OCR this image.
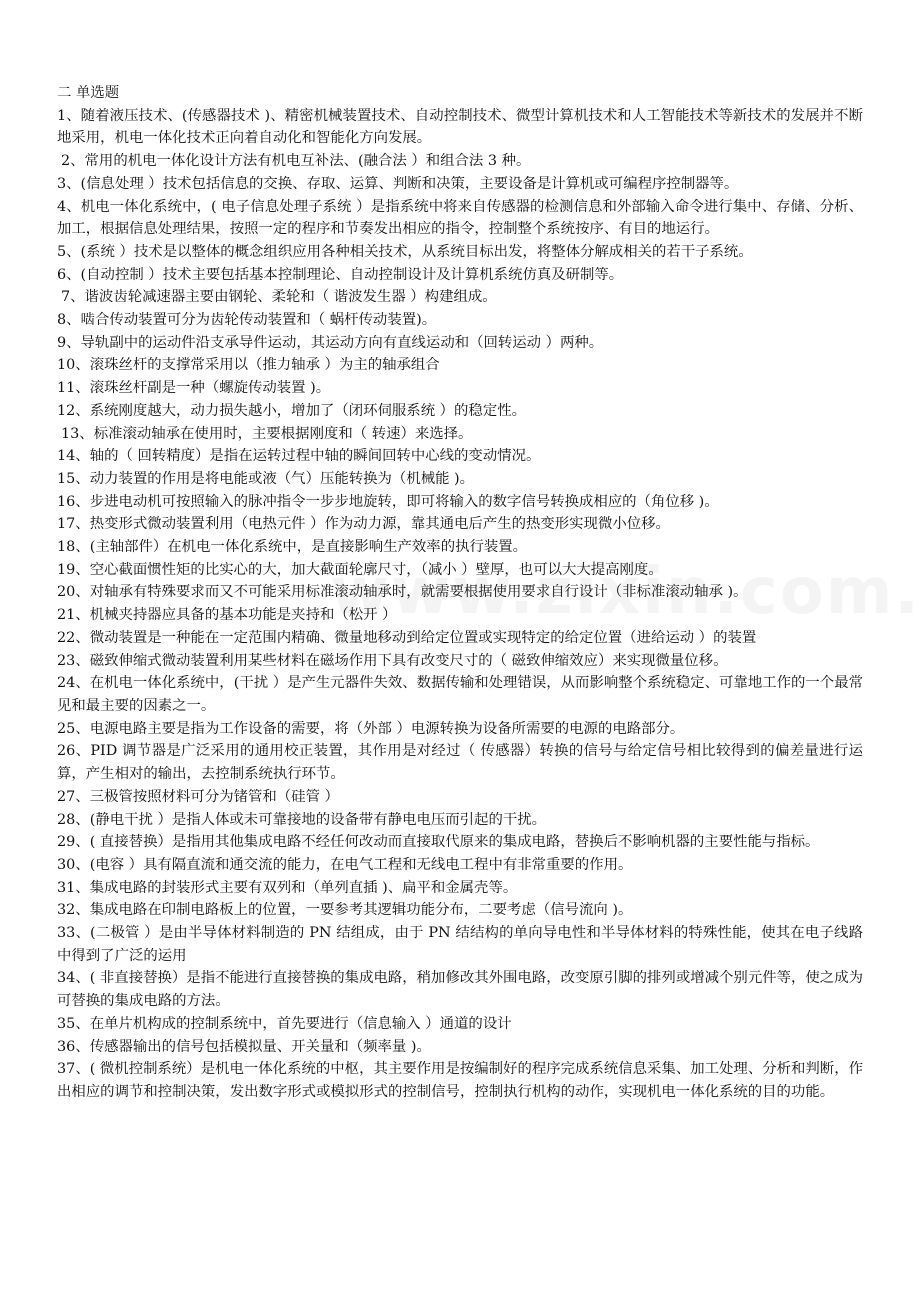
二 单选题

1、随着液压技术、(传感器技术 )、精密机械装置技术、自动控制技术、微型计算机技术和人工智能技术等新技术的发展并不断地采用，机电一体化技术正向着自动化和智能化方向发展。

2、常用的机电一体化设计方法有机电互补法、(融合法 ）和组合法 3 种。

3、(信息处理 ）技术包括信息的交换、存取、运算、判断和决策，主要设备是计算机或可编程序控制器等。

4、机电一体化系统中，( 电子信息处理子系统 ）是指系统中将来自传感器的检测信息和外部输入命令进行集中、存储、分析、加工，根据信息处理结果，按照一定的程序和节奏发出相应的指令，控制整个系统按序、有目的地运行。

5、(系统 ）技术是以整体的概念组织应用各种相关技术，从系统目标出发，将整体分解成相关的若干子系统。

6、(自动控制 ）技术主要包括基本控制理论、自动控制设计及计算机系统仿真及研制等。

7、谐波齿轮减速器主要由钢轮、柔轮和（ 谐波发生器 ）构建组成。

8、啮合传动装置可分为齿轮传动装置和（ 蜗杆传动装置)。

9、导轨副中的运动件沿支承导件运动，其运动方向有直线运动和（回转运动 ）两种。

10、滚珠丝杆的支撑常采用以（推力轴承 ）为主的轴承组合

11、滚珠丝杆副是一种（螺旋传动装置 )。

12、系统刚度越大，动力损失越小，增加了（闭环伺服系统 ）的稳定性。

13、标准滚动轴承在使用时，主要根据刚度和（ 转速）来选择。

14、轴的（ 回转精度）是指在运转过程中轴的瞬间回转中心线的变动情况。

15、动力装置的作用是将电能或液（气）压能转换为（机械能 )。

16、步进电动机可按照输入的脉冲指令一步步地旋转，即可将输入的数字信号转换成相应的（角位移 )。

17、热变形式微动装置利用（电热元件 ）作为动力源，靠其通电后产生的热变形实现微小位移。

18、(主轴部件）在机电一体化系统中，是直接影响生产效率的执行装置。

19、空心截面惯性矩的比实心的大，加大截面轮廓尺寸，（减小 ）壁厚，也可以大大提高刚度。

20、对轴承有特殊要求而又不可能采用标准滚动轴承时，就需要根据使用要求自行设计（非标准滚动轴承 )。

21、机械夹持器应具备的基本功能是夹持和（松开 ）

22、微动装置是一种能在一定范围内精确、微量地移动到给定位置或实现特定的给定位置（进给运动 ）的装置

23、磁致伸缩式微动装置利用某些材料在磁场作用下具有改变尺寸的（ 磁致伸缩效应）来实现微量位移。

24、在机电一体化系统中，(干扰 ）是产生元器件失效、数据传输和处理错误，从而影响整个系统稳定、可靠地工作的一个最常见和最主要的因素之一。

25、电源电路主要是指为工作设备的需要，将（外部 ）电源转换为设备所需要的电源的电路部分。

26、PID 调节器是广泛采用的通用校正装置，其作用是对经过（ 传感器）转换的信号与给定信号相比较得到的偏差量进行运算，产生相对的输出，去控制系统执行环节。

27、三极管按照材料可分为锗管和（硅管 ）

28、(静电干扰 ）是指人体或未可靠接地的设备带有静电电压而引起的干扰。

29、( 直接替换）是指用其他集成电路不经任何改动而直接取代原来的集成电路，替换后不影响机器的主要性能与指标。

30、(电容 ）具有隔直流和通交流的能力，在电气工程和无线电工程中有非常重要的作用。

31、集成电路的封装形式主要有双列和（单列直插 )、扁平和金属壳等。

32、集成电路在印制电路板上的位置，一要参考其逻辑功能分布，二要考虑（信号流向 )。

33、(二极管 ）是由半导体材料制造的 PN 结组成，由于 PN 结结构的单向导电性和半导体材料的特殊性能，使其在电子线路中得到了广泛的运用

34、( 非直接替换）是指不能进行直接替换的集成电路，稍加修改其外围电路，改变原引脚的排列或增减个别元件等，使之成为可替换的集成电路的方法。

35、在单片机构成的控制系统中，首先要进行（信息输入 ）通道的设计

36、传感器输出的信号包括模拟量、开关量和（频率量 )。

37、( 微机控制系统）是机电一体化系统的中枢，其主要作用是按编制好的程序完成系统信息采集、加工处理、分析和判断，作出相应的调节和控制决策，发出数字形式或模拟形式的控制信号，控制执行机构的动作，实现机电一体化系统的目的功能。
